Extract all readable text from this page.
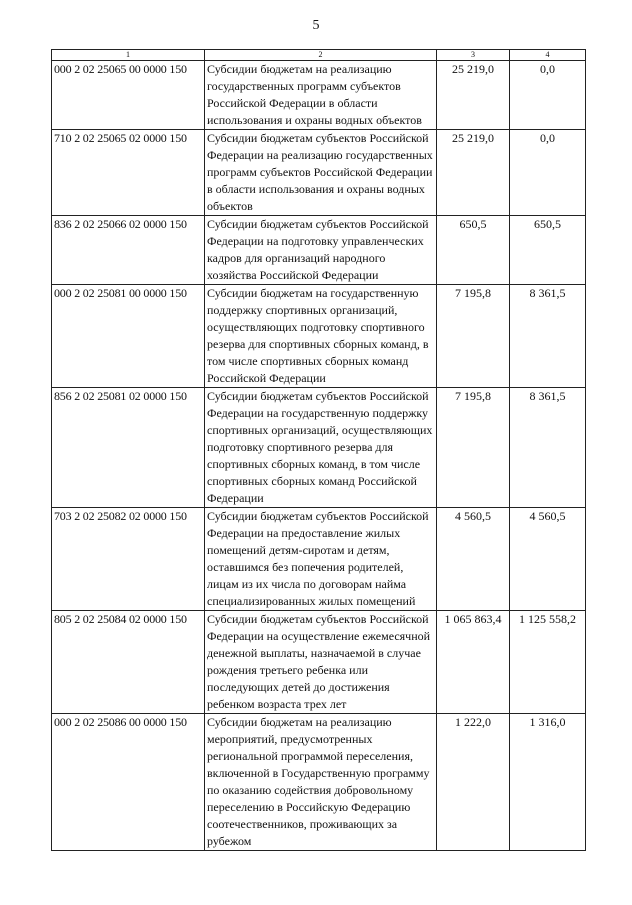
5
1	2	3	4
000 2 02 25065 00 0000 150	Субсидии бюджетам на реализацию государственных программ субъектов Российской Федерации в области использования и охраны водных объектов	25 219,0	0,0
710 2 02 25065 02 0000 150	Субсидии бюджетам субъектов Российской Федерации на реализацию государственных программ субъектов Российской Федерации в области использования и охраны водных объектов	25 219,0	0,0
836 2 02 25066 02 0000 150	Субсидии бюджетам субъектов Российской Федерации на подготовку управленческих кадров для организаций народного хозяйства Российской Федерации	650,5	650,5
000 2 02 25081 00 0000 150	Субсидии бюджетам на государственную поддержку спортивных организаций, осуществляющих подготовку спортивного резерва для спортивных сборных команд, в том числе спортивных сборных команд Российской Федерации	7 195,8	8 361,5
856 2 02 25081 02 0000 150	Субсидии бюджетам субъектов Российской Федерации на государственную поддержку спортивных организаций, осуществляющих подготовку спортивного резерва для спортивных сборных команд, в том числе спортивных сборных команд Российской Федерации	7 195,8	8 361,5
703 2 02 25082 02 0000 150	Субсидии бюджетам субъектов Российской Федерации на предоставление жилых помещений детям-сиротам и детям, оставшимся без попечения родителей, лицам из их числа по договорам найма специализированных жилых помещений	4 560,5	4 560,5
805 2 02 25084 02 0000 150	Субсидии бюджетам субъектов Российской Федерации на осуществление ежемесячной денежной выплаты, назначаемой в случае рождения третьего ребенка или последующих детей до достижения ребенком возраста трех лет	1 065 863,4	1 125 558,2
000 2 02 25086 00 0000 150	Субсидии бюджетам на реализацию мероприятий, предусмотренных региональной программой переселения, включенной в Государственную программу по оказанию содействия добровольному переселению в Российскую Федерацию соотечественников, проживающих за рубежом	1 222,0	1 316,0
